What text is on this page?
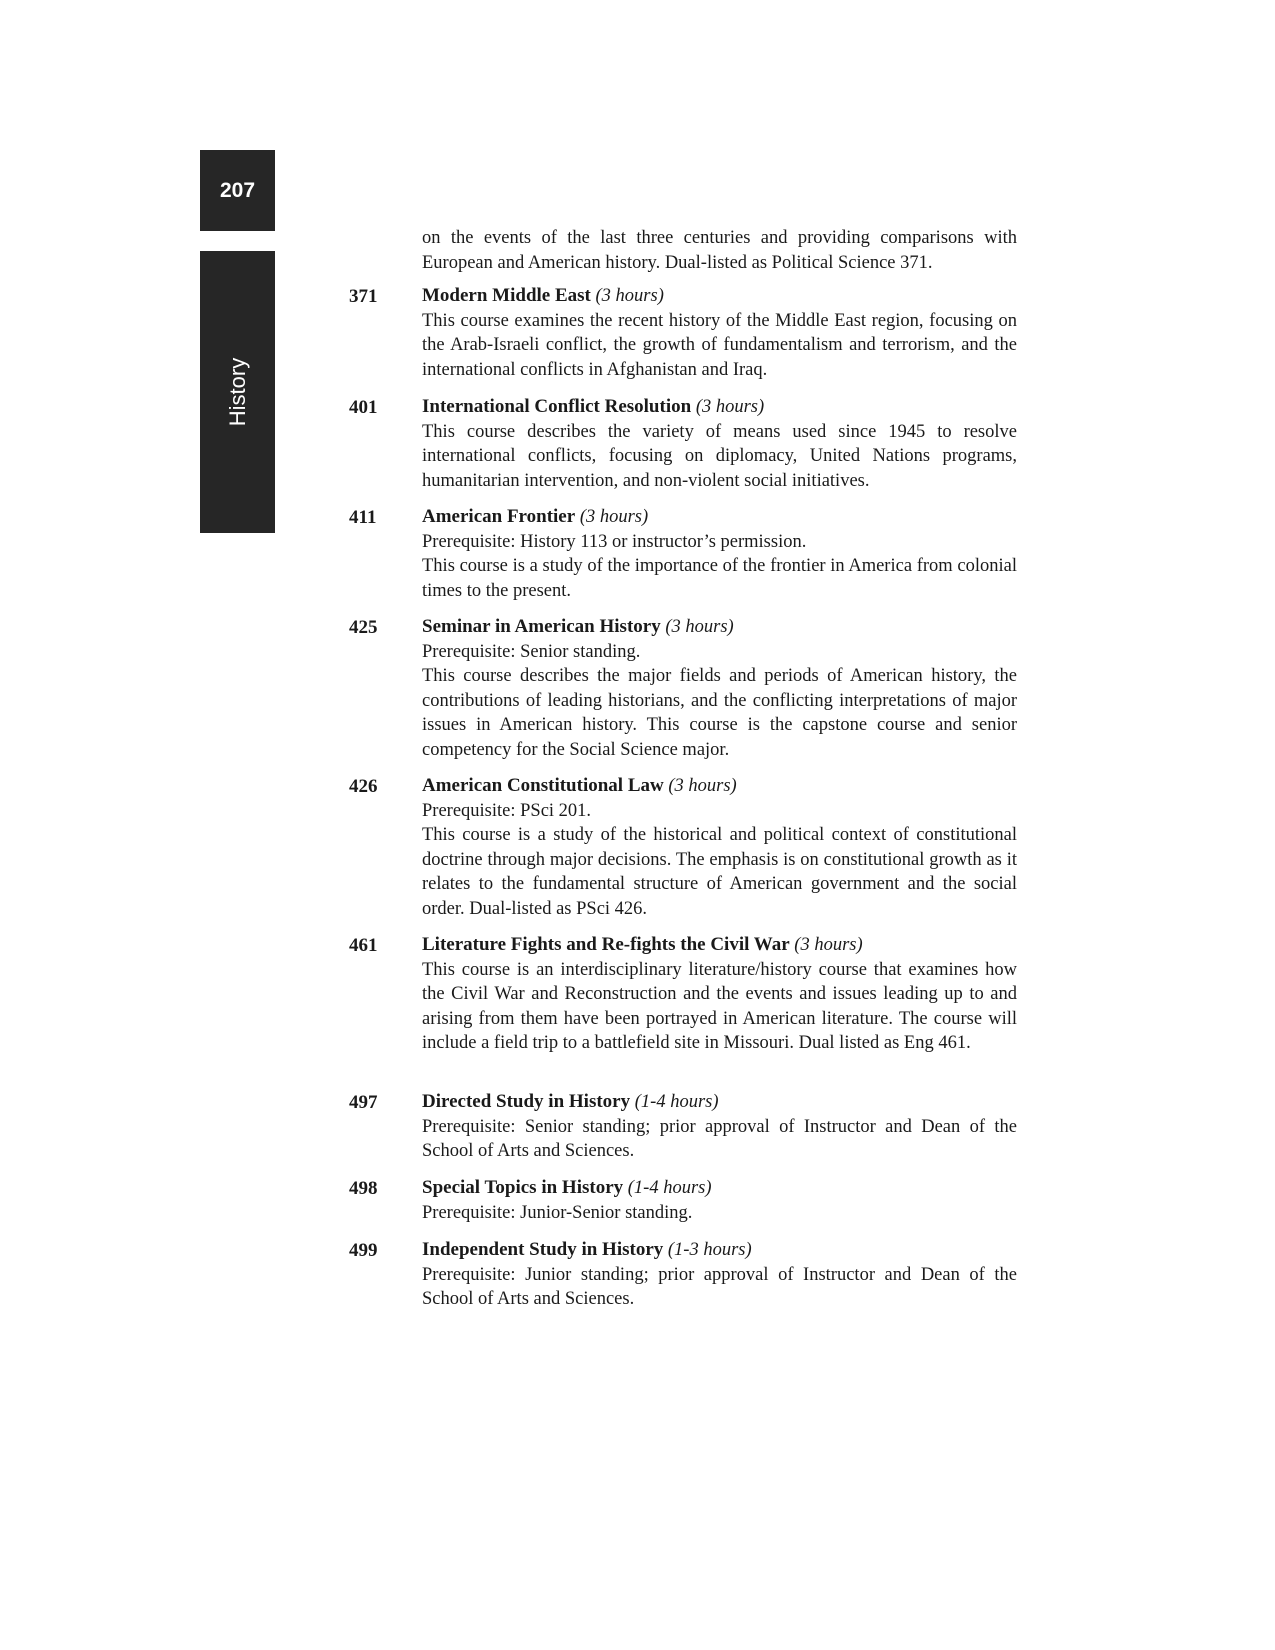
207
History
on the events of the last three centuries and providing comparisons with European and American history. Dual-listed as Political Science 371.
371 Modern Middle East (3 hours)
This course examines the recent history of the Middle East region, focusing on the Arab-Israeli conflict, the growth of fundamentalism and terrorism, and the international conflicts in Afghanistan and Iraq.
401 International Conflict Resolution (3 hours)
This course describes the variety of means used since 1945 to resolve international conflicts, focusing on diplomacy, United Nations programs, humanitarian intervention, and non-violent social initiatives.
411 American Frontier (3 hours)
Prerequisite: History 113 or instructor’s permission.
This course is a study of the importance of the frontier in America from colonial times to the present.
425 Seminar in American History (3 hours)
Prerequisite: Senior standing.
This course describes the major fields and periods of American history, the contributions of leading historians, and the conflicting interpretations of major issues in American history. This course is the capstone course and senior competency for the Social Science major.
426 American Constitutional Law (3 hours)
Prerequisite: PSci 201.
This course is a study of the historical and political context of constitutional doctrine through major decisions. The emphasis is on constitutional growth as it relates to the fundamental structure of American government and the social order. Dual-listed as PSci 426.
461 Literature Fights and Re-fights the Civil War (3 hours)
This course is an interdisciplinary literature/history course that examines how the Civil War and Reconstruction and the events and issues leading up to and arising from them have been portrayed in American literature. The course will include a field trip to a battlefield site in Missouri. Dual listed as Eng 461.
497 Directed Study in History (1-4 hours)
Prerequisite: Senior standing; prior approval of Instructor and Dean of the School of Arts and Sciences.
498 Special Topics in History (1-4 hours)
Prerequisite: Junior-Senior standing.
499 Independent Study in History (1-3 hours)
Prerequisite: Junior standing; prior approval of Instructor and Dean of the School of Arts and Sciences.
